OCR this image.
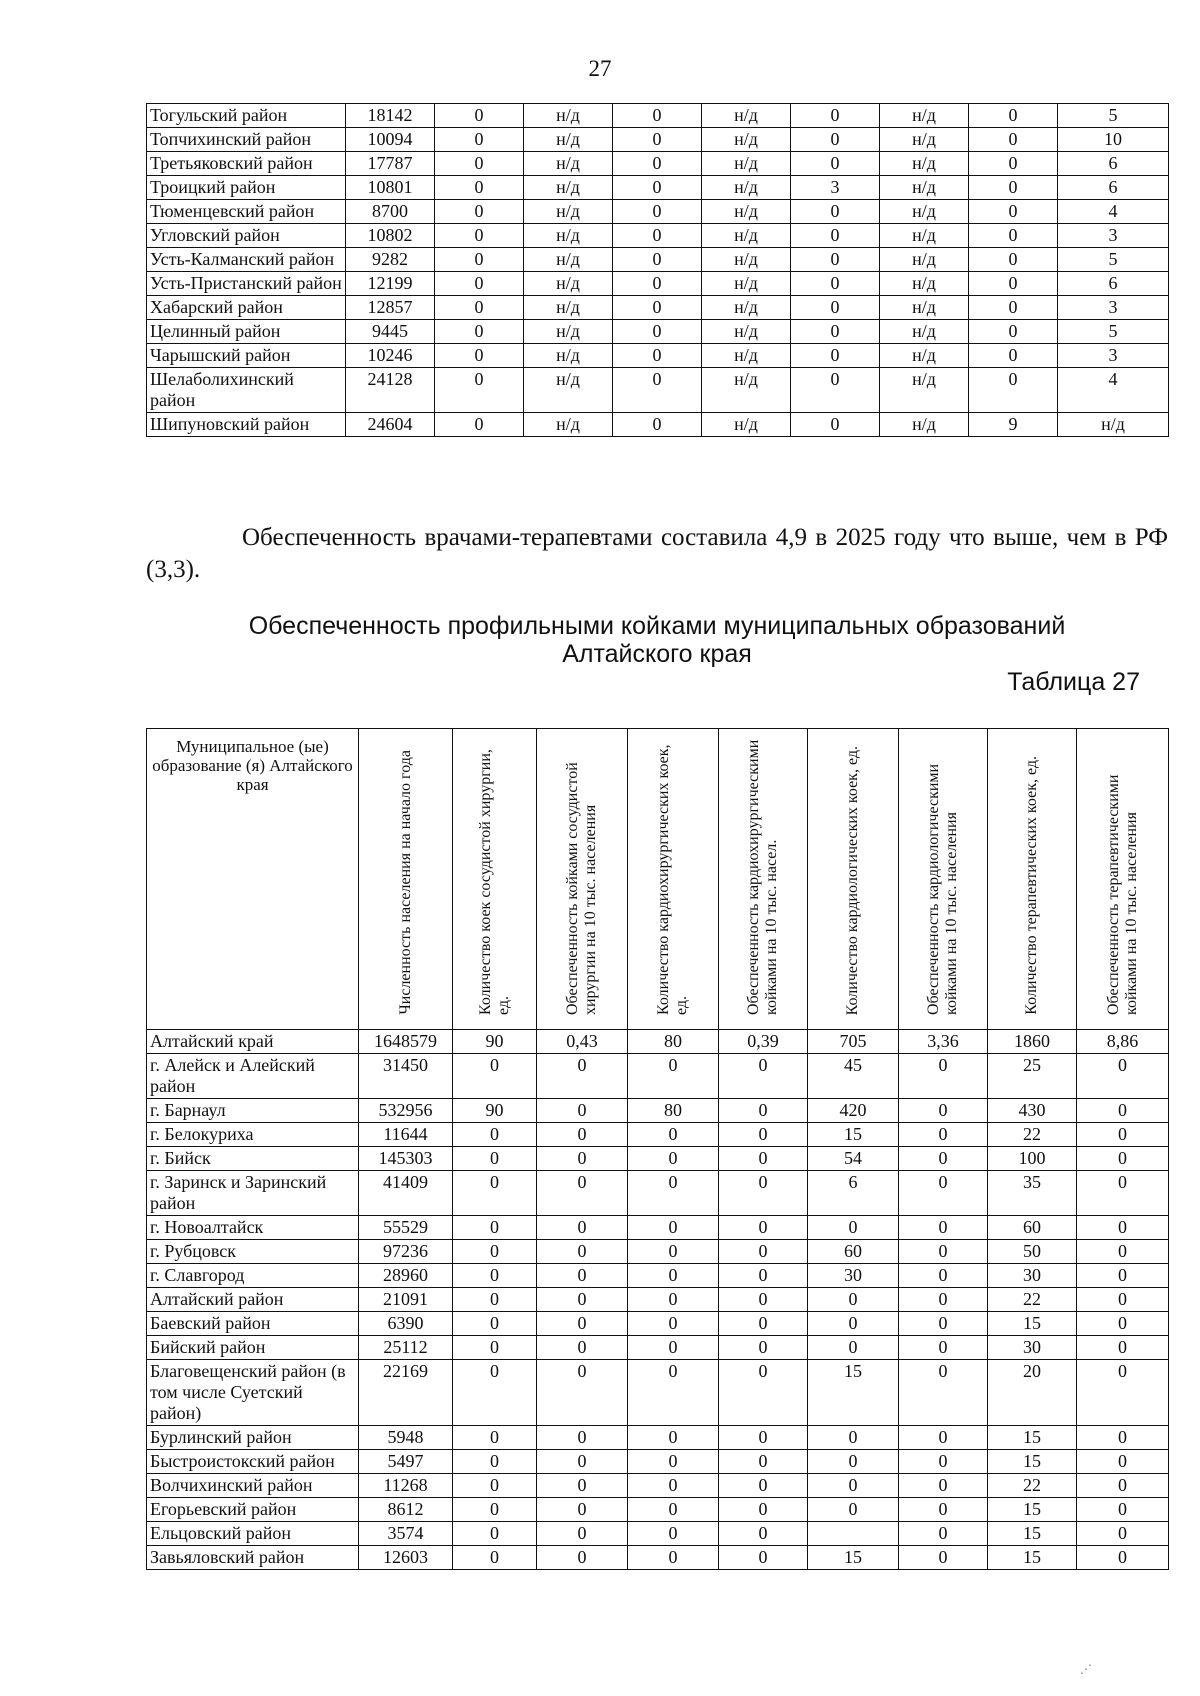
27
Тогульский район	18142	0	н/д	0	н/д	0	н/д	0	5
Топчихинский район	10094	0	н/д	0	н/д	0	н/д	0	10
Третьяковский район	17787	0	н/д	0	н/д	0	н/д	0	6
Троицкий район	10801	0	н/д	0	н/д	3	н/д	0	6
Тюменцевский район	8700	0	н/д	0	н/д	0	н/д	0	4
Угловский район	10802	0	н/д	0	н/д	0	н/д	0	3
Усть-Калманский район	9282	0	н/д	0	н/д	0	н/д	0	5
Усть-Пристанский район	12199	0	н/д	0	н/д	0	н/д	0	6
Хабарский район	12857	0	н/д	0	н/д	0	н/д	0	3
Целинный район	9445	0	н/д	0	н/д	0	н/д	0	5
Чарышский район	10246	0	н/д	0	н/д	0	н/д	0	3
Шелаболихинский район	24128	0	н/д	0	н/д	0	н/д	0	4
Шипуновский район	24604	0	н/д	0	н/д	0	н/д	9	н/д
Обеспеченность врачами-терапевтами составила 4,9 в 2025 году что выше, чем в РФ (3,3).
Обеспеченность профильными койками муниципальных образований
Алтайского края
Таблица 27
Муниципальное (ые) образование (я) Алтайского края	Численность населения на начало года	Количество коек сосудистой хирургии, ед.	Обеспеченность койками сосудистой хирургии на 10 тыс. населения	Количество кардиохирургических коек, ед.	Обеспеченность кардиохирургическими койками на 10 тыс. насел.	Количество кардиологических коек, ед.	Обеспеченность кардиологическими койками на 10 тыс. населения	Количество терапевтических коек, ед.	Обеспеченность терапевтическими койками на 10 тыс. населения

Алтайский край	1648579	90	0,43	80	0,39	705	3,36	1860	8,86
г. Алейск и Алейский район	31450	0	0	0	0	45	0	25	0
г. Барнаул	532956	90	0	80	0	420	0	430	0
г. Белокуриха	11644	0	0	0	0	15	0	22	0
г. Бийск	145303	0	0	0	0	54	0	100	0
г. Заринск и Заринский район	41409	0	0	0	0	6	0	35	0
г. Новоалтайск	55529	0	0	0	0	0	0	60	0
г. Рубцовск	97236	0	0	0	0	60	0	50	0
г. Славгород	28960	0	0	0	0	30	0	30	0
Алтайский район	21091	0	0	0	0	0	0	22	0
Баевский район	6390	0	0	0	0	0	0	15	0
Бийский район	25112	0	0	0	0	0	0	30	0
Благовещенский район (в том числе Суетский район)	22169	0	0	0	0	15	0	20	0
Бурлинский район	5948	0	0	0	0	0	0	15	0
Быстроистокский район	5497	0	0	0	0	0	0	15	0
Волчихинский район	11268	0	0	0	0	0	0	22	0
Егорьевский район	8612	0	0	0	0	0	0	15	0
Ельцовский район	3574	0	0	0	0		0	15	0
Завьяловский район	12603	0	0	0	0	15	0	15	0
⋰
